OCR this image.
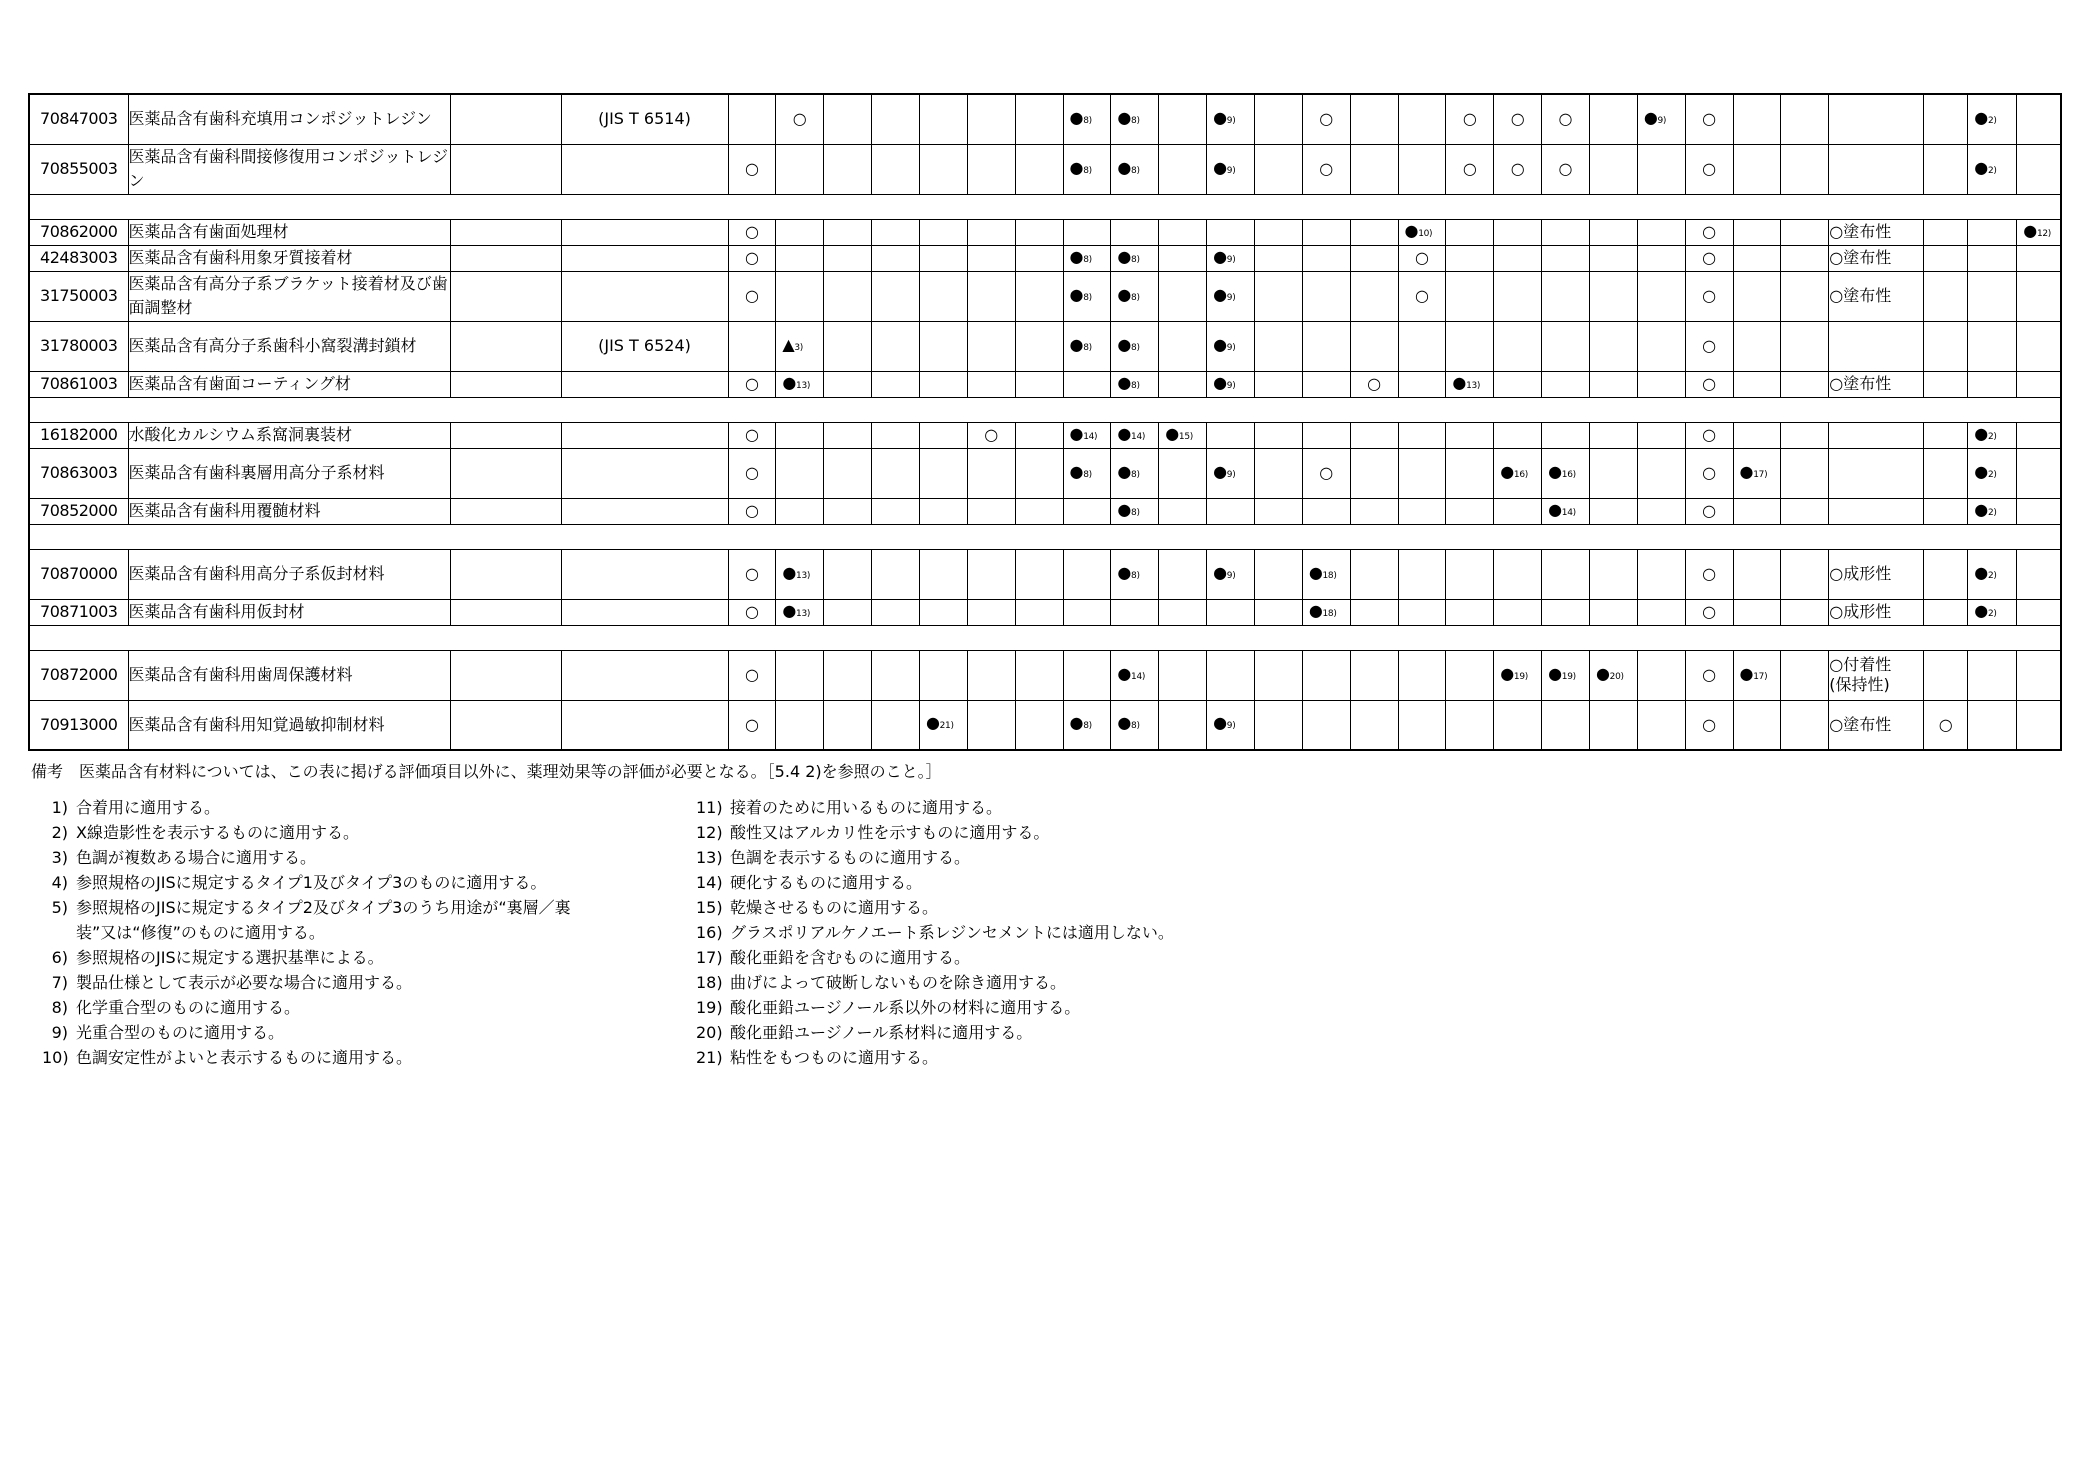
70847003	医薬品含有歯科充填用コンポジットレジン		(JIS T 6514)		○						●8)	●8)		●9)		○			○	○	○		●9)	○					●2)	
70855003	医薬品含有歯科間接修復用コンポジットレジン			○							●8)	●8)		●9)		○			○	○	○			○					●2)	

70862000	医薬品含有歯面処理材			○														●10)						○			○塗布性			●12)
42483003	医薬品含有歯科用象牙質接着材			○							●8)	●8)		●9)				○						○			○塗布性			
31750003	医薬品含有高分子系ブラケット接着材及び歯面調整材			○							●8)	●8)		●9)				○						○			○塗布性			
31780003	医薬品含有高分子系歯科小窩裂溝封鎖材		(JIS T 6524)		▲3)						●8)	●8)		●9)										○						
70861003	医薬品含有歯面コーティング材			○	●13)							●8)		●9)			○		●13)					○			○塗布性			

16182000	水酸化カルシウム系窩洞裏装材			○					○		●14)	●14)	●15)											○					●2)	
70863003	医薬品含有歯科裏層用高分子系材料			○							●8)	●8)		●9)		○				●16)	●16)			○	●17)				●2)	
70852000	医薬品含有歯科用覆髄材料			○								●8)									●14)			○					●2)	

70870000	医薬品含有歯科用高分子系仮封材料			○	●13)							●8)		●9)		●18)								○			○成形性		●2)	
70871003	医薬品含有歯科用仮封材			○	●13)											●18)								○			○成形性		●2)	

70872000	医薬品含有歯科用歯周保護材料			○								●14)								●19)	●19)	●20)		○	●17)		○付着性
(保持性)			
70913000	医薬品含有歯科用知覚過敏抑制材料			○				●21)			●8)	●8)		●9)										○			○塗布性	○		
備考　医薬品含有材料については、この表に掲げる評価項目以外に、薬理効果等の評価が必要となる。［5.4 2)を参照のこと。］
1) 合着用に適用する。
2) X線造影性を表示するものに適用する。
3) 色調が複数ある場合に適用する。
4) 参照規格のJISに規定するタイプ1及びタイプ3のものに適用する。
5) 参照規格のJISに規定するタイプ2及びタイプ3のうち用途が“裏層／裏
装”又は“修復”のものに適用する。
6) 参照規格のJISに規定する選択基準による。
7) 製品仕様として表示が必要な場合に適用する。
8) 化学重合型のものに適用する。
9) 光重合型のものに適用する。
10) 色調安定性がよいと表示するものに適用する。
11) 接着のために用いるものに適用する。
12) 酸性又はアルカリ性を示すものに適用する。
13) 色調を表示するものに適用する。
14) 硬化するものに適用する。
15) 乾燥させるものに適用する。
16) グラスポリアルケノエート系レジンセメントには適用しない。
17) 酸化亜鉛を含むものに適用する。
18) 曲げによって破断しないものを除き適用する。
19) 酸化亜鉛ユージノール系以外の材料に適用する。
20) 酸化亜鉛ユージノール系材料に適用する。
21) 粘性をもつものに適用する。
